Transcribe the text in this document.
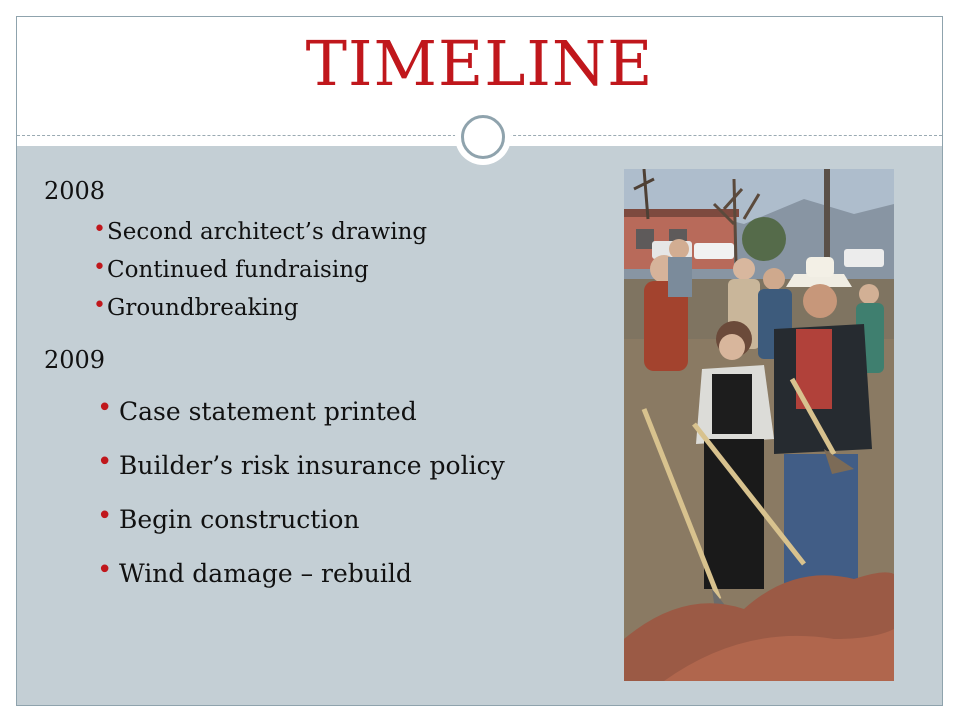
TIMELINE
2008
• Second architect’s drawing
• Continued fundraising
• Groundbreaking
2009
• Case statement printed
• Builder’s risk insurance policy
• Begin construction
• Wind damage – rebuild
